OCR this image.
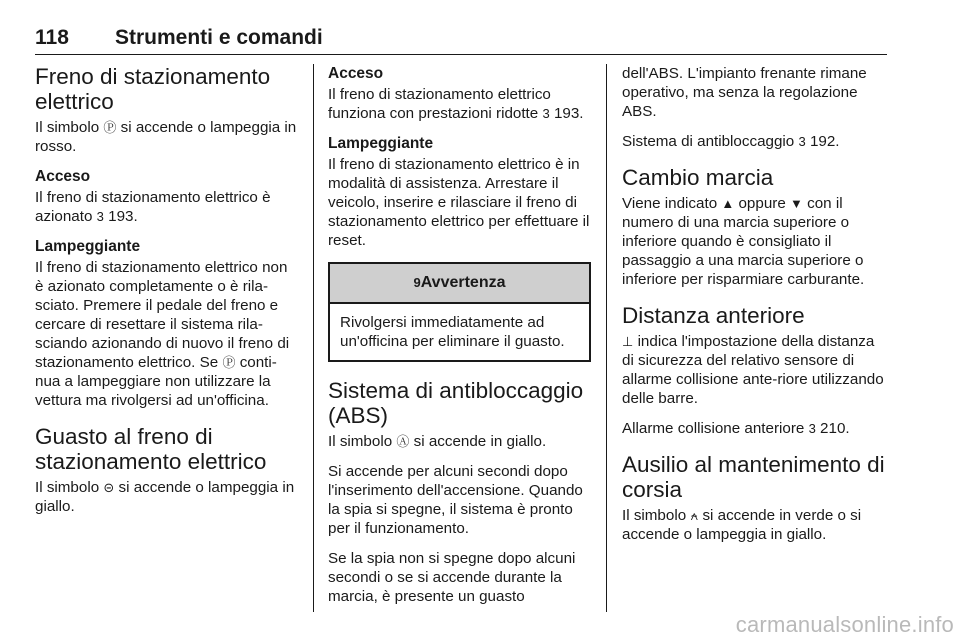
118 Strumenti e comandi
Freno di stazionamento elettrico

Il simbolo Ⓟ si accende o lampeggia in rosso.

Acceso

Il freno di stazionamento elettrico è azionato 3 193.

Lampeggiante

Il freno di stazionamento elettrico non è azionato completamente o è rila-sciato. Premere il pedale del freno e cercare di resettare il sistema rila-sciando azionando di nuovo il freno di stazionamento elettrico. Se Ⓟ conti-nua a lampeggiare non utilizzare la vettura ma rivolgersi ad un'officina.

Guasto al freno di stazionamento elettrico

Il simbolo ⊝ si accende o lampeggia in giallo.

Acceso

Il freno di stazionamento elettrico funziona con prestazioni ridotte 3 193.

Lampeggiante

Il freno di stazionamento elettrico è in modalità di assistenza. Arrestare il veicolo, inserire e rilasciare il freno di stazionamento elettrico per effettuare il reset.

9Avvertenza
Rivolgersi immediatamente ad un'officina per eliminare il guasto.
Sistema di antibloccaggio (ABS)

Il simbolo Ⓐ si accende in giallo.

Si accende per alcuni secondi dopo l'inserimento dell'accensione. Quando la spia si spegne, il sistema è pronto per il funzionamento.

Se la spia non si spegne dopo alcuni secondi o se si accende durante la marcia, è presente un guasto

dell'ABS. L'impianto frenante rimane operativo, ma senza la regolazione ABS.

Sistema di antibloccaggio 3 192.

Cambio marcia

Viene indicato ▲ oppure ▼ con il numero di una marcia superiore o inferiore quando è consigliato il passaggio a una marcia superiore o inferiore per risparmiare carburante.

Distanza anteriore

⊥ indica l'impostazione della distanza di sicurezza del relativo sensore di allarme collisione ante-riore utilizzando delle barre.

Allarme collisione anteriore 3 210.

Ausilio al mantenimento di corsia

Il simbolo ⍲ si accende in verde o si accende o lampeggia in giallo.

carmanualsonline.info
